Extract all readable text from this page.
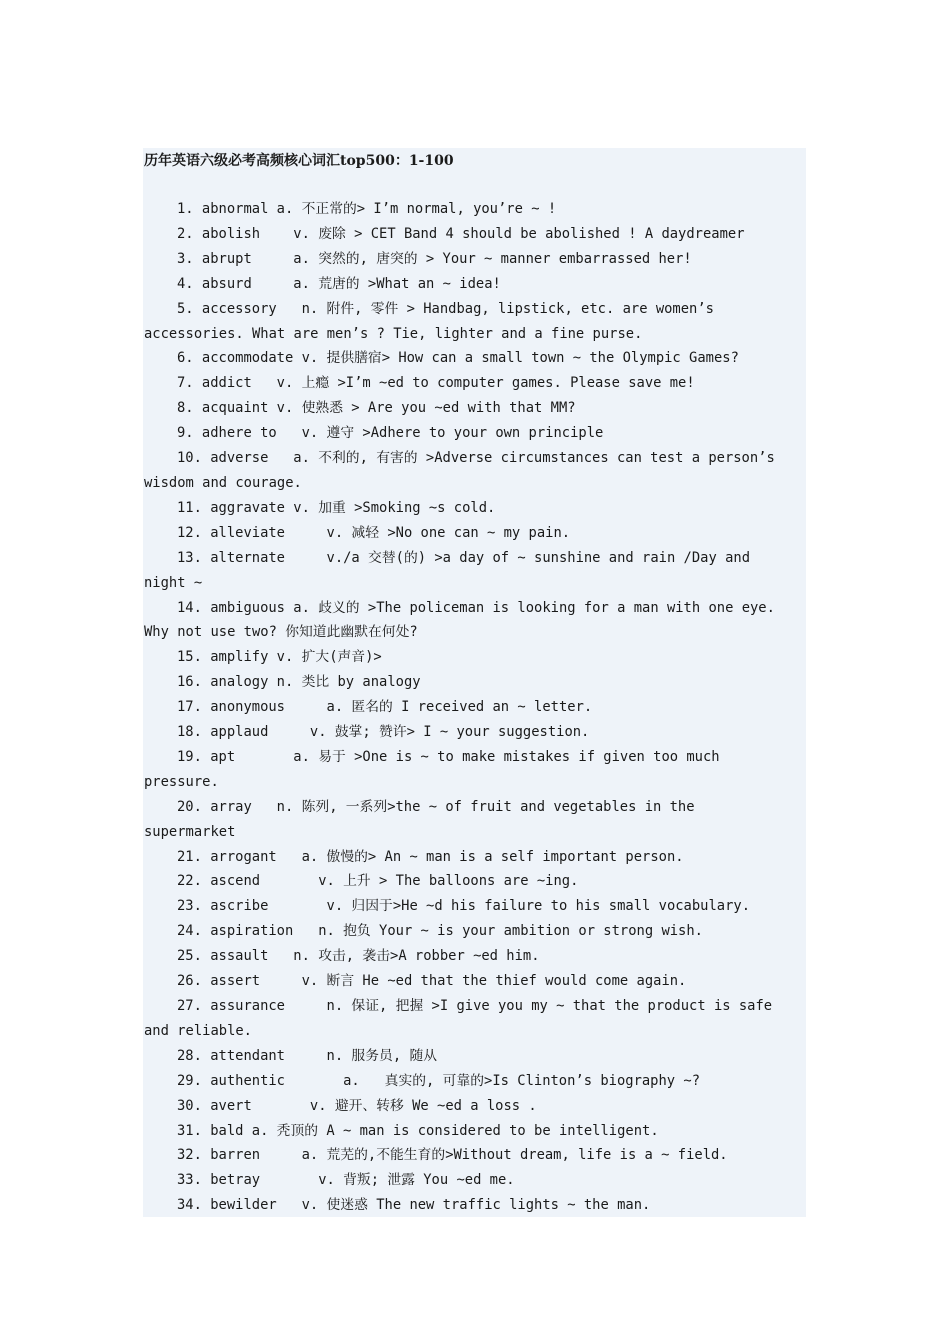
历年英语六级必考高频核心词汇top500：1-100
1. abnormal a. 不正常的> I’m normal, you’re ~ !
2. abolish    v. 废除 > CET Band 4 should be abolished ! A daydreamer
3. abrupt     a. 突然的, 唐突的 > Your ~ manner embarrassed her!
4. absurd     a. 荒唐的 >What an ~ idea!
5. accessory   n. 附件, 零件 > Handbag, lipstick, etc. are women’s
accessories. What are men’s ? Tie, lighter and a fine purse.
6. accommodate v. 提供膳宿> How can a small town ~ the Olympic Games?
7. addict   v. 上瘾 >I’m ~ed to computer games. Please save me!
8. acquaint v. 使熟悉 > Are you ~ed with that MM?
9. adhere to   v. 遵守 >Adhere to your own principle
10. adverse   a. 不利的, 有害的 >Adverse circumstances can test a person’s
wisdom and courage.
11. aggravate v. 加重 >Smoking ~s cold.
12. alleviate     v. 减轻 >No one can ~ my pain.
13. alternate     v./a 交替(的) >a day of ~ sunshine and rain /Day and
night ~
14. ambiguous a. 歧义的 >The policeman is looking for a man with one eye.
Why not use two? 你知道此幽默在何处?
15. amplify v. 扩大(声音)>
16. analogy n. 类比 by analogy
17. anonymous     a. 匿名的 I received an ~ letter.
18. applaud     v. 鼓掌; 赞许> I ~ your suggestion.
19. apt       a. 易于 >One is ~ to make mistakes if given too much
pressure.
20. array   n. 陈列, 一系列>the ~ of fruit and vegetables in the
supermarket
21. arrogant   a. 傲慢的> An ~ man is a self important person.
22. ascend       v. 上升 > The balloons are ~ing.
23. ascribe       v. 归因于>He ~d his failure to his small vocabulary.
24. aspiration   n. 抱负 Your ~ is your ambition or strong wish.
25. assault   n. 攻击, 袭击>A robber ~ed him.
26. assert     v. 断言 He ~ed that the thief would come again.
27. assurance     n. 保证, 把握 >I give you my ~ that the product is safe
and reliable.
28. attendant     n. 服务员, 随从
29. authentic       a.   真实的, 可靠的>Is Clinton’s biography ~?
30. avert       v. 避开、转移 We ~ed a loss .
31. bald a. 秃顶的 A ~ man is considered to be intelligent.
32. barren     a. 荒芜的,不能生育的>Without dream, life is a ~ field.
33. betray       v. 背叛; 泄露 You ~ed me.
34. bewilder   v. 使迷惑 The new traffic lights ~ the man.
